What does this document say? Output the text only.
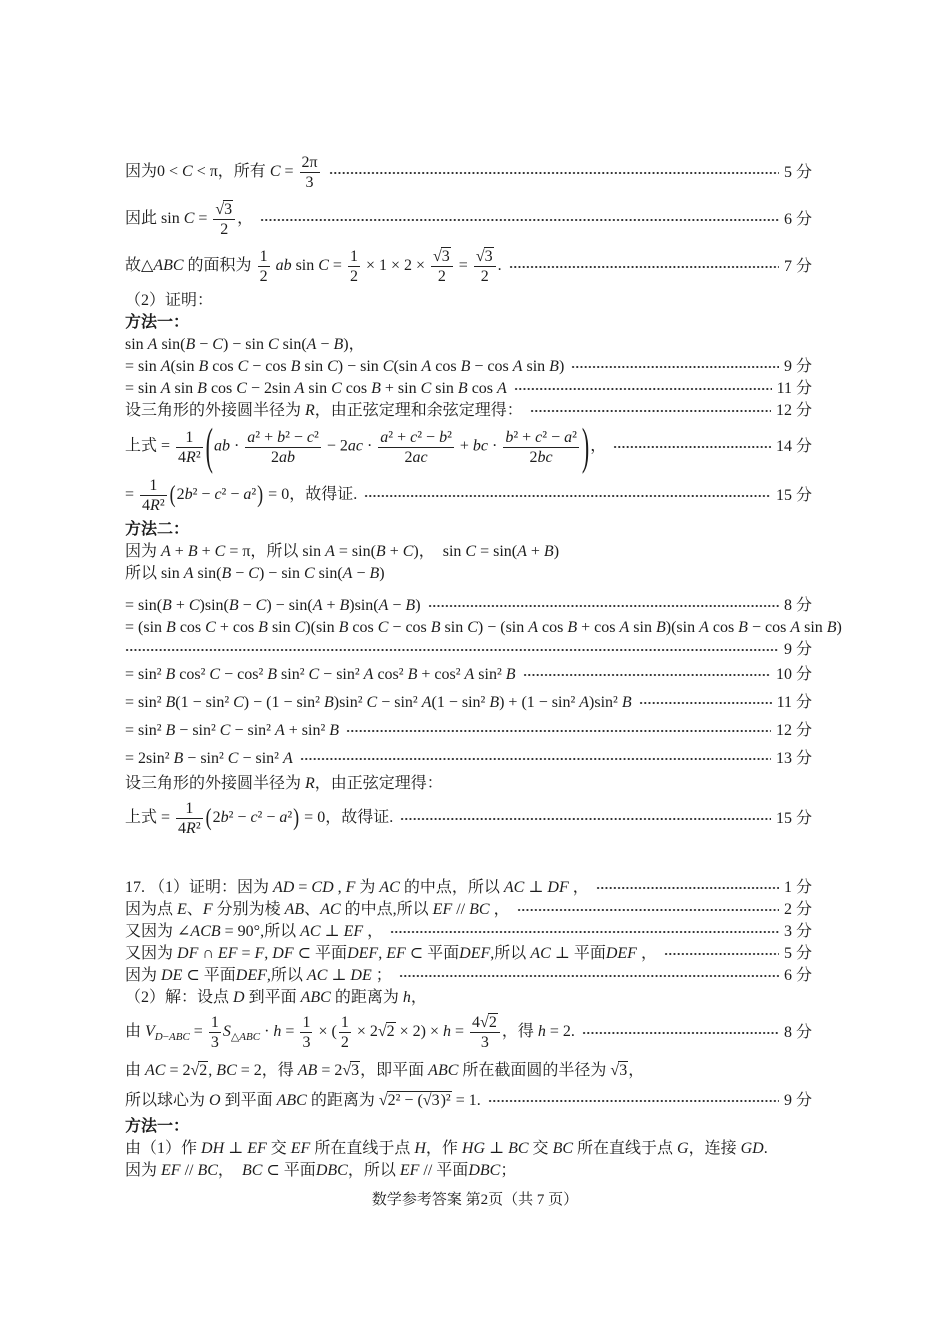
因为0 < C < π，所有 $C = \frac{2\pi}{3}$	5 分
因此 sin C =
√ $\frac{3}{2}$ ，	6 分
故△ABC 的面积为 $\frac{1}{2}$ ab $\sin C = \frac{1}{2} \times 1 \times 2$ ×
√ $\frac{3}{2}$ =
√ $\frac{3}{2}$ .	7 分
（2）证明：
方法一：
sin A sin(B − C) − sin C sin(A − B)，
= sin A(sin B cos C − cos B sin C) − sin C(sin A cos B − cos A sin B)	9 分
= sin A sin B cos C − 2sin A sin C cos B + sin C sin B cos A	11 分
设三角形的外接圆半径为 R，由正弦定理和余弦定理得：	12 分
上式 = $\frac{1}{\text{4R²}} (ab \cdot \frac{\text{a² + b² − c²}}{2ab} - 2ac \cdot \frac{\text{a² + c² − b²}}{2ac}$ + bc · $\frac{\text{b² + c² − a²}}{2bc}$ )，	14 分
= $\frac{1}{\text{4R²}} (2b^2 - c^2 - a^2) = 0$，故得证.	15 分
方法二：
因为 A + B + C = π，所以 sin A = sin(B + C)，  sin C = sin(A + B)
所以 sin A sin(B − C) − sin C sin(A − B)
= sin(B + C)sin(B − C) − sin(A + B)sin(A − B)	8 分
= (sin B cos C + cos B sin C)(sin B cos C − cos B sin C) − (sin A cos B + cos A sin B)(sin A cos B − cos A sin B)
9 分
= sin² B cos² C − cos² B sin² C − sin² A cos² B + cos² A sin² B	10 分
= sin² B(1 − sin² C) − (1 − sin² B)sin² C − sin² A(1 − sin² B) + (1 − sin² A)sin² B	11 分
= sin² B − sin² C − sin² A + sin² B	12 分
= 2sin² B − sin² C − sin² A	13 分
设三角形的外接圆半径为 R，由正弦定理得：
上式 = $\frac{1}{\text{4R²}} (2b^2 - c^2 - a^2) = 0$，故得证.	15 分
17. （1）证明：因为 AD = CD , F 为 AC 的中点，所以 AC ⊥ DF ，	1 分
因为点 E、F 分别为棱 AB、AC 的中点,所以 EF // BC ，	2 分
又因为 ∠ACB = 90°,所以 AC ⊥ EF ，	3 分
又因为 DF ∩ EF = F, DF ⊂ 平面DEF, EF ⊂ 平面DEF,所以 AC ⊥ 平面DEF ，	5 分
因为 DE ⊂ 平面DEF,所以 AC ⊥ DE ；	6 分
（2）解：设点 D 到平面 ABC 的距离为 h，
由 $V_{D-ABC} = \frac{1}{3} S_{\triangle ABC} \cdot h = \frac{1}{3}$ × ( $\frac{1}{2} \times 2√$ $2 \times 2) \times h = \frac{4√ 2}{3}$ ，得 h = 2.	8 分
由 AC = 2√ 2, BC = 2，得 AB = 2√ 3，即平面 ABC 所在截面圆的半径为 √ 3，
所以球心为 O 到平面 ABC 的距离为 √ 2² − (√ 3)² = 1.	9 分
方法一：
由（1）作 DH ⊥ EF 交 EF 所在直线于点 H，作 HG ⊥ BC 交 BC 所在直线于点 G，连接 GD.
因为 EF // BC，  BC ⊂ 平面DBC，所以 EF // 平面DBC；
数学参考答案 第2页（共 7 页）
